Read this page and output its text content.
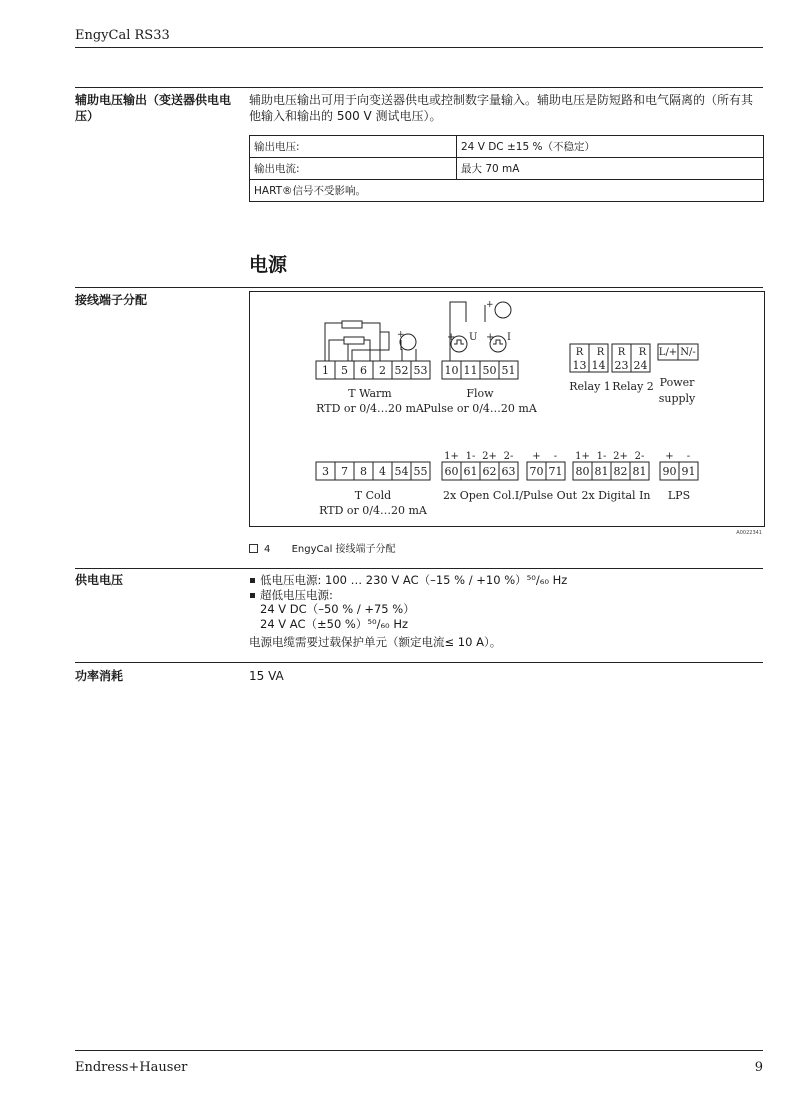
EngyCal RS33
辅助电压输出（变送器供电电压）
辅助电压输出可用于向变送器供电或控制数字量输入。辅助电压是防短路和电气隔离的（所有其
他输入和输出的 500 V 测试电压）。
输出电压:	24 V DC ±15 %（不稳定）
输出电流:	最大 70 mA
HART®信号不受影响。	
电源
接线端子分配
+	+ U + I
+
1 5 6 2 52 53
T Warm
RTD or 0/4…20 mA
10 11 50 51
Flow
Pulse or 0/4…20 mA
R R R R
13 14 23 24
L/+ N/-
Relay 1 Relay 2 Power
supply
3 7 8 4 54 55
T Cold
RTD or 0/4…20 mA
1+ 1- 2+ 2-
60 61 62 63
2x Open Col.
+ -
70 71
I/Pulse Out
1+ 1- 2+ 2-
80 81 82 81
2x Digital In
+ -
90 91
LPS
A0022341
4 EngyCal 接线端子分配
供电电压	低电压电源: 100 … 230 V AC（–15 % / +10 %）⁵⁰/₆₀ Hz
超低电压电源:
24 V DC（–50 % / +75 %）
24 V AC（±50 %）⁵⁰/₆₀ Hz
电源电缆需要过载保护单元（额定电流≤ 10 A）。
功率消耗	15 VA
Endress+Hauser	9
